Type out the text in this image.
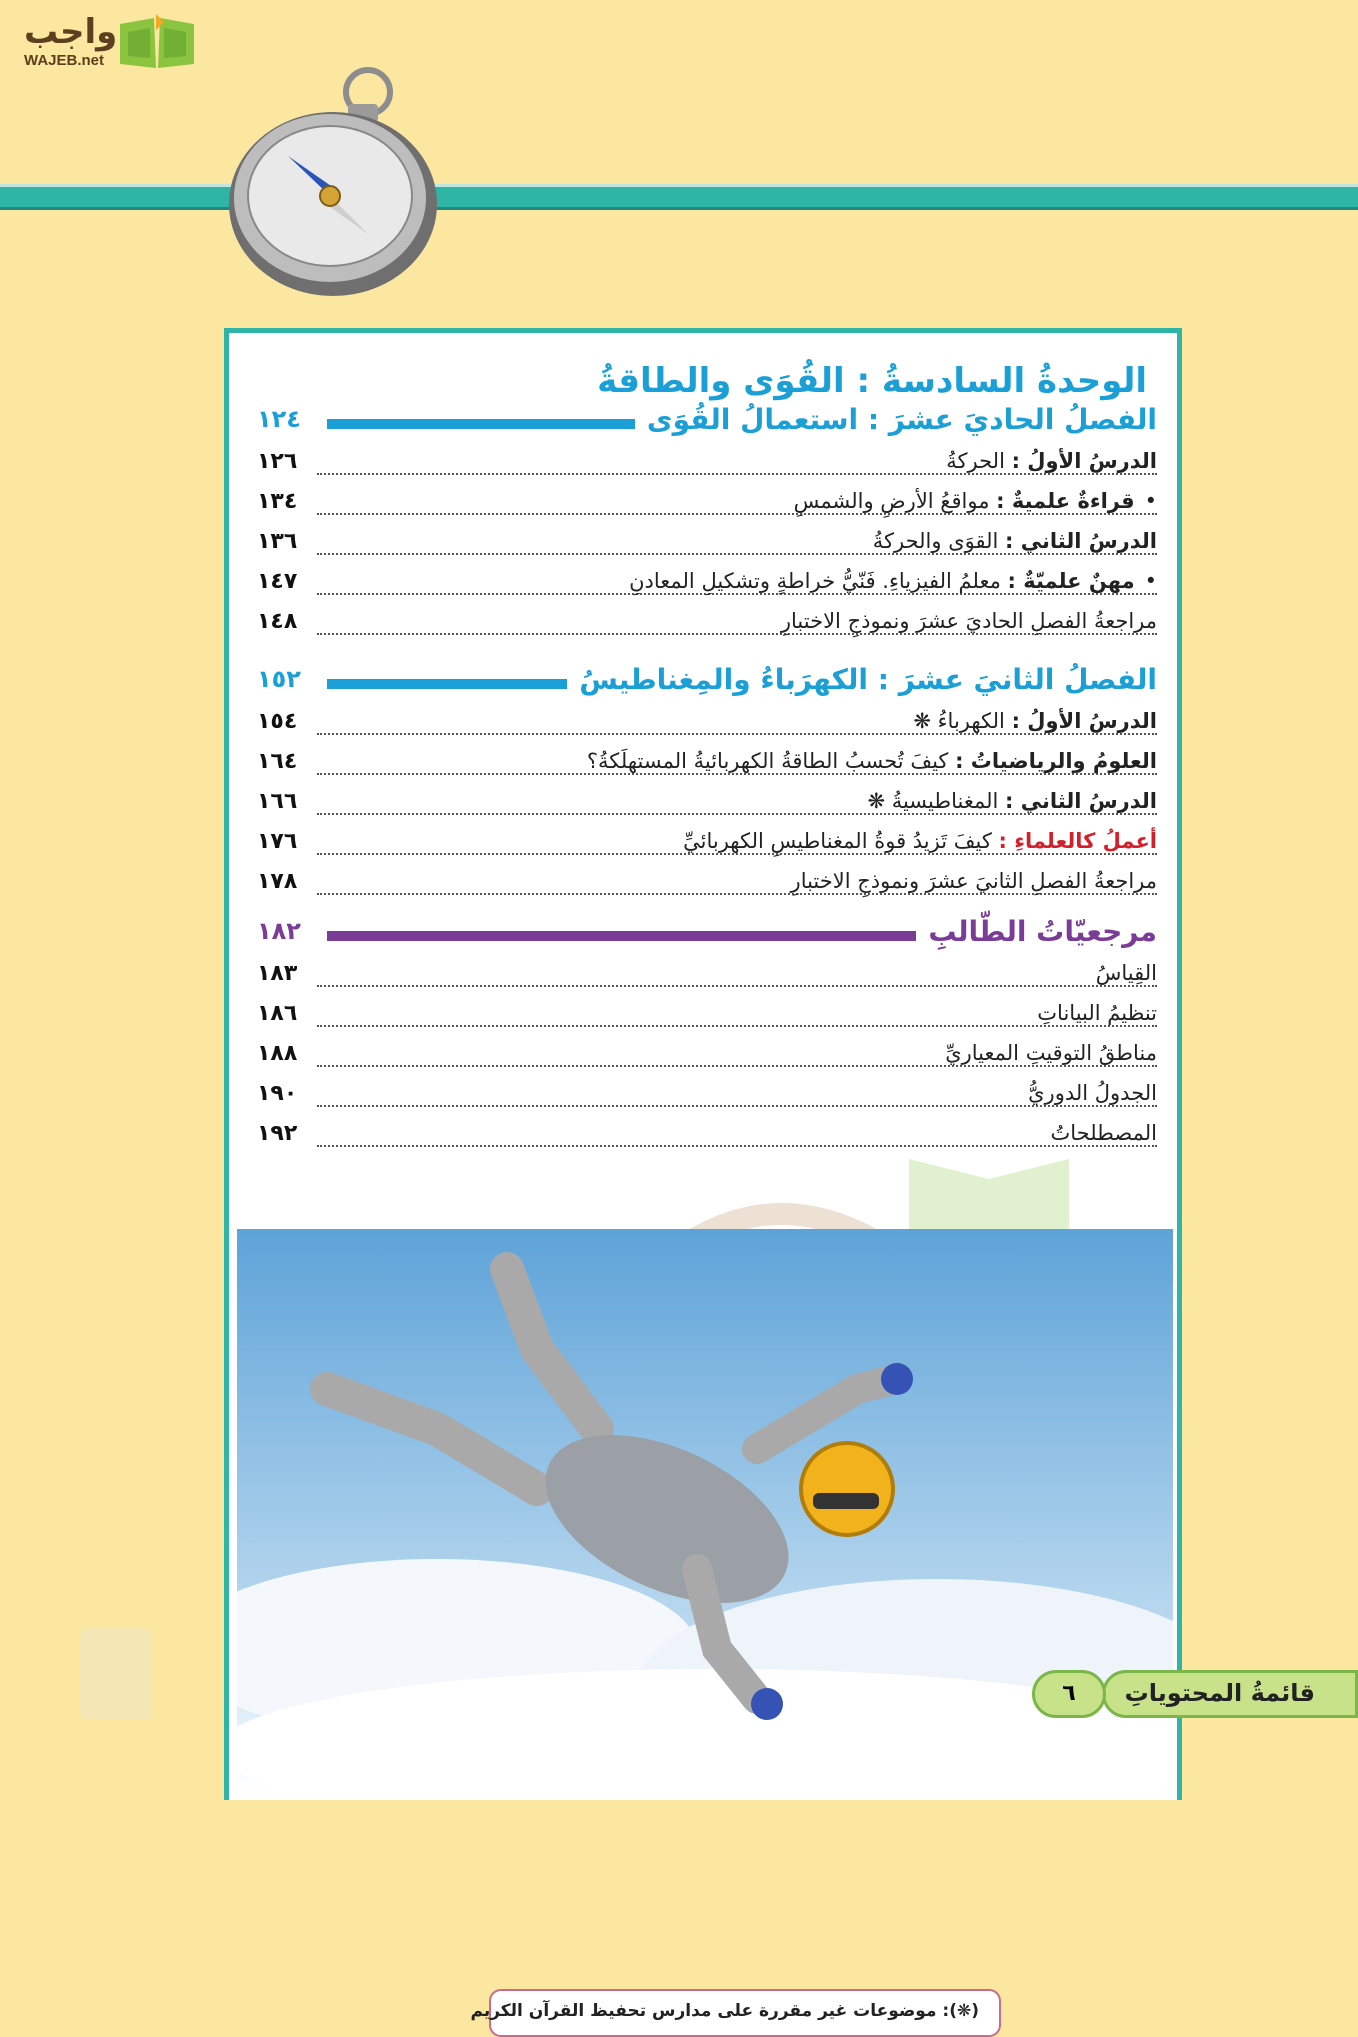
واجب
WAJEB.net
الوحدةُ السادسةُ : القُوَى والطاقةُ
الفصلُ الحاديَ عشرَ : استعمالُ القُوَى
١٢٤
الدرسُ الأولُ : الحركةُ
١٢٦
• قراءةٌ علميةٌ : مواقعُ الأرضِ والشمسِ
١٣٤
الدرسُ الثاني : القوَى والحركةُ
١٣٦
• مهنٌ علميّةٌ : معلمُ الفيزياءِ. فَنّيُّ خراطةٍ وتشكيلِ المعادنِ
١٤٧
مراجعةُ الفصلِ الحاديَ عشرَ ونموذجِ الاختبارِ
١٤٨
الفصلُ الثانيَ عشرَ : الكهرَباءُ والمِغناطيسُ
١٥٢
الدرسُ الأولُ : الكهرباءُ ❋
١٥٤
العلومُ والرياضياتُ : كيفَ تُحسبُ الطاقةُ الكهربائيةُ المستهلَكةُ؟
١٦٤
الدرسُ الثاني : المغناطيسيةُ ❋
١٦٦
أعملُ كالعلماءِ : كيفَ تَزيدُ قوةُ المغناطيسِ الكهربائيِّ
١٧٦
مراجعةُ الفصلِ الثانيَ عشرَ ونموذجِ الاختبارِ
١٧٨
مرجعيّاتُ الطّالبِ
١٨٢
القِياسُ
١٨٣
تنظيمُ البياناتِ
١٨٦
مناطقُ التوقيتِ المعياريِّ
١٨٨
الجدولُ الدوريُّ
١٩٠
المصطلحاتُ
١٩٢
(❋): موضوعات غير مقررة على مدارس تحفيظ القرآن الكريم
قائمةُ المحتوياتِ
٦
